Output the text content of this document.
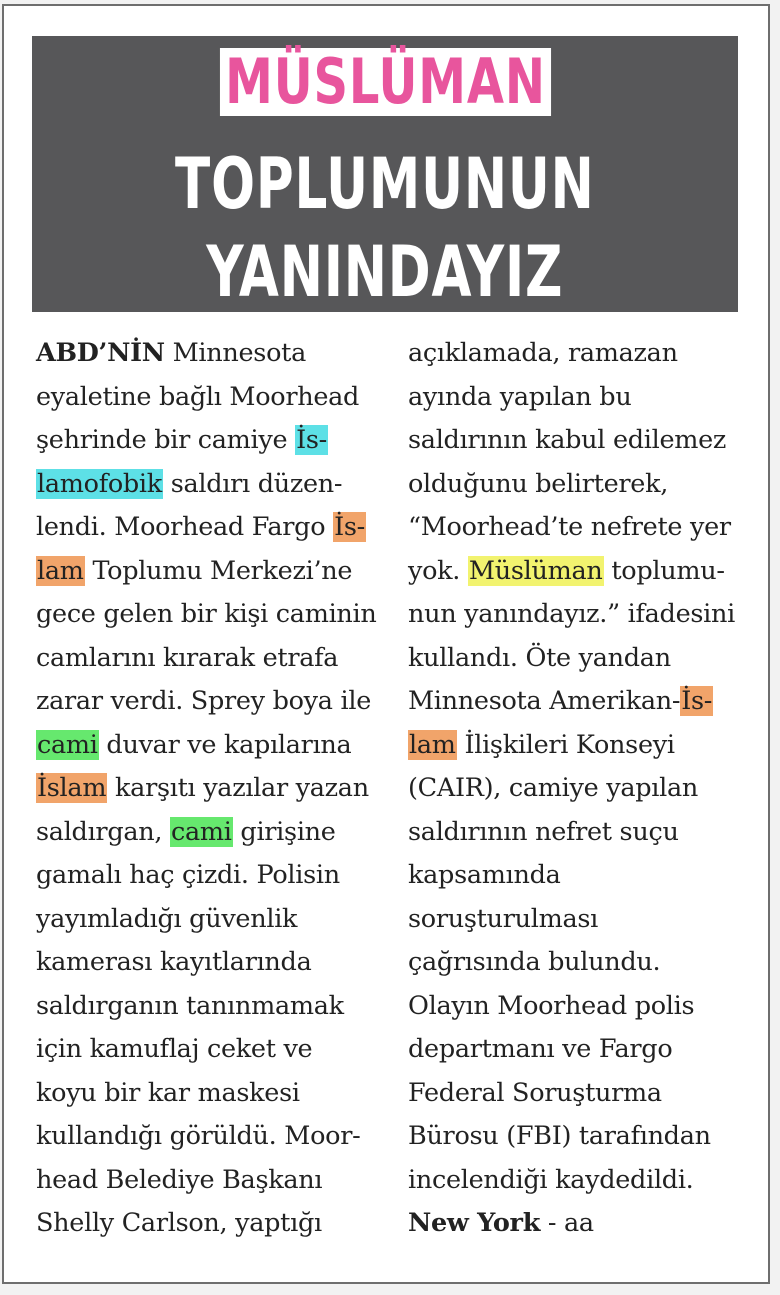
MÜSLÜMAN
TOPLUMUNUN
YANINDAYIZ
ABD’NİN Minnesota
eyaletine bağlı Moorhead
şehrinde bir camiye İs-
lamofobik saldırı düzen-
lendi. Moorhead Fargo İs-
lam Toplumu Merkezi’ne
gece gelen bir kişi caminin
camlarını kırarak etrafa
zarar verdi. Sprey boya ile
cami duvar ve kapılarına
İslam karşıtı yazılar yazan
saldırgan, cami girişine
gamalı haç çizdi. Polisin
yayımladığı güvenlik
kamerası kayıtlarında
saldırganın tanınmamak
için kamuflaj ceket ve
koyu bir kar maskesi
kullandığı görüldü. Moor-
head Belediye Başkanı
Shelly Carlson, yaptığı
açıklamada, ramazan
ayında yapılan bu
saldırının kabul edilemez
olduğunu belirterek,
“Moorhead’te nefrete yer
yok. Müslüman toplumu-
nun yanındayız.” ifadesini
kullandı. Öte yandan
Minnesota Amerikan-İs-
lam İlişkileri Konseyi
(CAIR), camiye yapılan
saldırının nefret suçu
kapsamında
soruşturulması
çağrısında bulundu.
Olayın Moorhead polis
departmanı ve Fargo
Federal Soruşturma
Bürosu (FBI) tarafından
incelendiği kaydedildi.
New York - aa
